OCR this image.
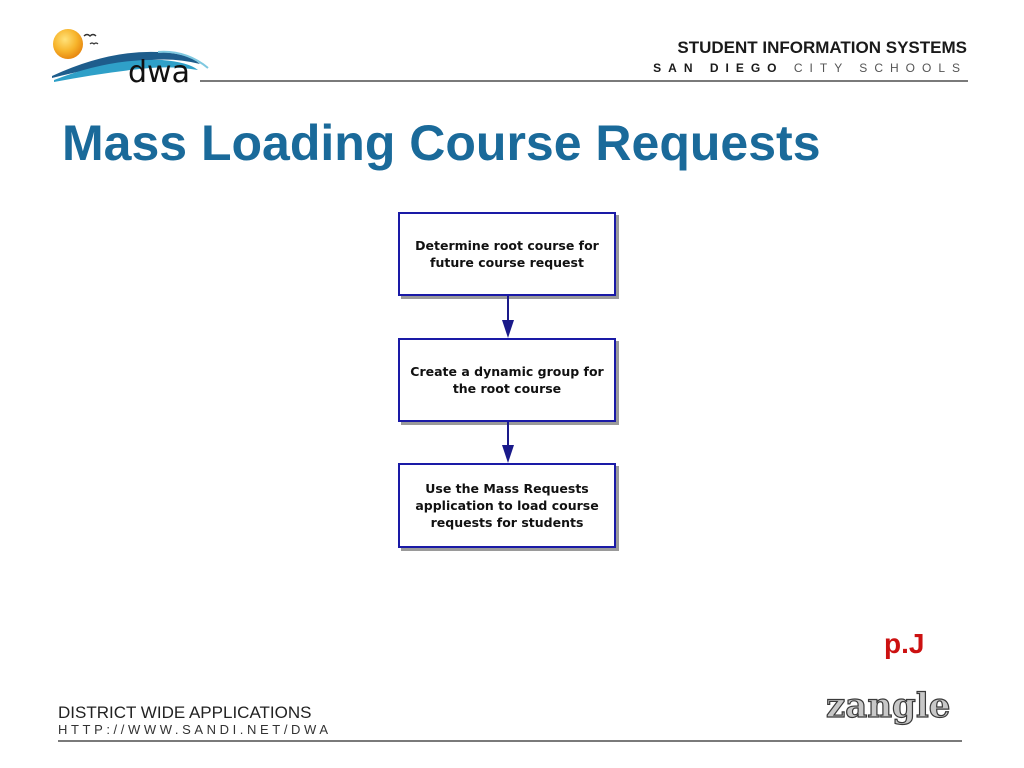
dwa
STUDENT INFORMATION SYSTEMS
SAN DIEGO CITY SCHOOLS
Mass Loading Course Requests
Determine root course for future course request
Create a dynamic group for the root course
Use the Mass Requests application to load course requests for students
p.J
DISTRICT WIDE APPLICATIONS
HTTP://WWW.SANDI.NET/DWA
zangle
